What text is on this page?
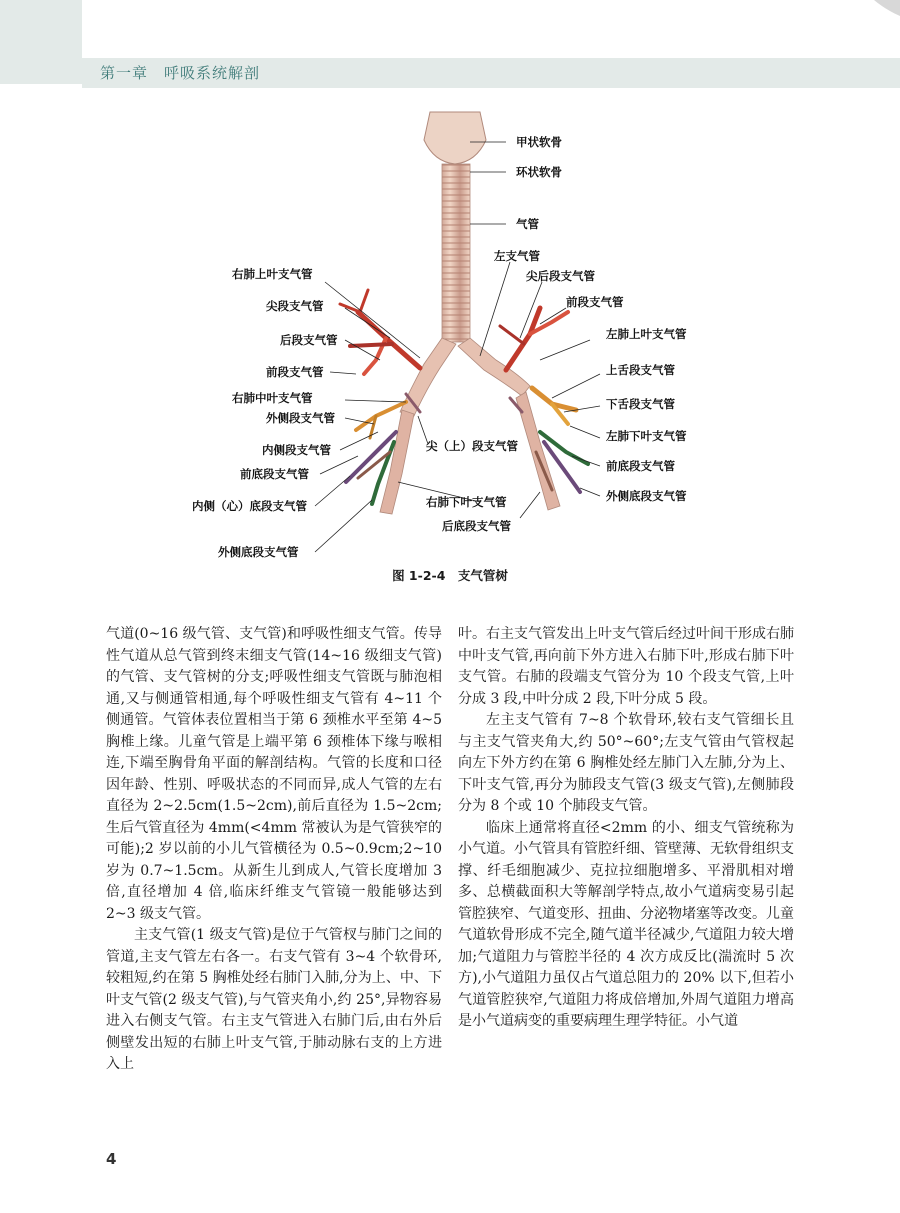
第一章　呼吸系统解剖
甲状软骨
环状软骨
气管
左支气管
尖后段支气管
前段支气管
左肺上叶支气管
上舌段支气管
下舌段支气管
左肺下叶支气管
前底段支气管
外侧底段支气管
后底段支气管
右肺下叶支气管
尖（上）段支气管
右肺上叶支气管
尖段支气管
后段支气管
前段支气管
右肺中叶支气管
外侧段支气管
内侧段支气管
前底段支气管
内侧（心）底段支气管
外侧底段支气管
图 1-2-4　支气管树

气道(0~16 级气管、支气管)和呼吸性细支气管。传导性气道从总气管到终末细支气管(14~16 级细支气管)的气管、支气管树的分支;呼吸性细支气管既与肺泡相通,又与侧通管相通,每个呼吸性细支气管有 4~11 个侧通管。气管体表位置相当于第 6 颈椎水平至第 4~5 胸椎上缘。儿童气管是上端平第 6 颈椎体下缘与喉相连,下端至胸骨角平面的解剖结构。气管的长度和口径因年龄、性别、呼吸状态的不同而异,成人气管的左右直径为 2~2.5cm(1.5~2cm),前后直径为 1.5~2cm;生后气管直径为 4mm(<4mm 常被认为是气管狭窄的可能);2 岁以前的小儿气管横径为 0.5~0.9cm;2~10 岁为 0.7~1.5cm。从新生儿到成人,气管长度增加 3 倍,直径增加 4 倍,临床纤维支气管镜一般能够达到 2~3 级支气管。

主支气管(1 级支气管)是位于气管杈与肺门之间的管道,主支气管左右各一。右支气管有 3~4 个软骨环,较粗短,约在第 5 胸椎处经右肺门入肺,分为上、中、下叶支气管(2 级支气管),与气管夹角小,约 25°,异物容易进入右侧支气管。右主支气管进入右肺门后,由右外后侧壁发出短的右肺上叶支气管,于肺动脉右支的上方进入上

叶。右主支气管发出上叶支气管后经过叶间干形成右肺中叶支气管,再向前下外方进入右肺下叶,形成右肺下叶支气管。右肺的段端支气管分为 10 个段支气管,上叶分成 3 段,中叶分成 2 段,下叶分成 5 段。

左主支气管有 7~8 个软骨环,较右支气管细长且与主支气管夹角大,约 50°~60°;左支气管由气管杈起向左下外方约在第 6 胸椎处经左肺门入左肺,分为上、下叶支气管,再分为肺段支气管(3 级支气管),左侧肺段分为 8 个或 10 个肺段支气管。

临床上通常将直径<2mm 的小、细支气管统称为小气道。小气管具有管腔纤细、管壁薄、无软骨组织支撑、纤毛细胞减少、克拉拉细胞增多、平滑肌相对增多、总横截面积大等解剖学特点,故小气道病变易引起管腔狭窄、气道变形、扭曲、分泌物堵塞等改变。儿童气道软骨形成不完全,随气道半径减少,气道阻力较大增加;气道阻力与管腔半径的 4 次方成反比(湍流时 5 次方),小气道阻力虽仅占气道总阻力的 20% 以下,但若小气道管腔狭窄,气道阻力将成倍增加,外周气道阻力增高是小气道病变的重要病理生理学特征。小气道

4
